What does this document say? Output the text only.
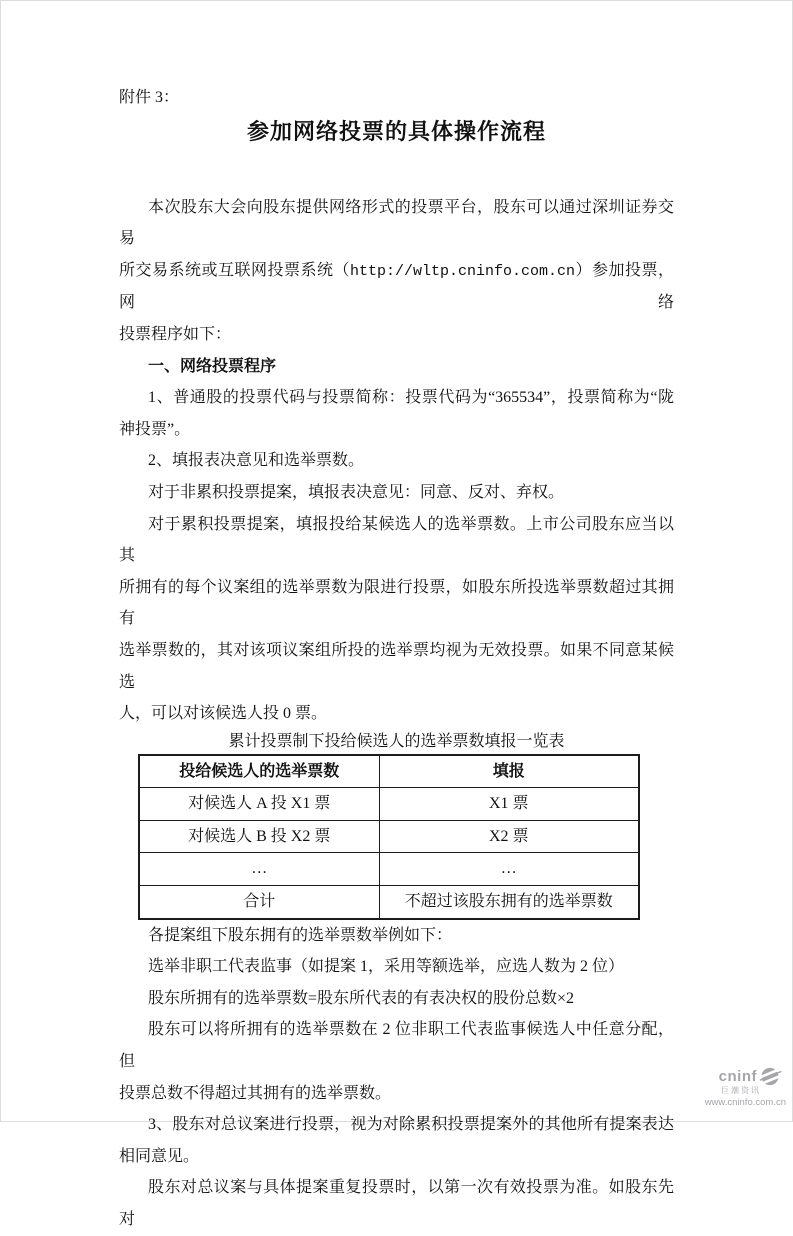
附件 3：
参加网络投票的具体操作流程
本次股东大会向股东提供网络形式的投票平台，股东可以通过深圳证券交易
所交易系统或互联网投票系统（http://wltp.cninfo.com.cn）参加投票，网络
投票程序如下：
一、网络投票程序
1、普通股的投票代码与投票简称：投票代码为“365534”，投票简称为“陇
神投票”。
2、填报表决意见和选举票数。
对于非累积投票提案，填报表决意见：同意、反对、弃权。
对于累积投票提案，填报投给某候选人的选举票数。上市公司股东应当以其
所拥有的每个议案组的选举票数为限进行投票，如股东所投选举票数超过其拥有
选举票数的，其对该项议案组所投的选举票均视为无效投票。如果不同意某候选
人，可以对该候选人投 0 票。
累计投票制下投给候选人的选举票数填报一览表
投给候选人的选举票数	填报
对候选人 A 投 X1 票	X1 票
对候选人 B 投 X2 票	X2 票
…	…
合计	不超过该股东拥有的选举票数
各提案组下股东拥有的选举票数举例如下：
选举非职工代表监事（如提案 1，采用等额选举，应选人数为 2 位）
股东所拥有的选举票数=股东所代表的有表决权的股份总数×2
股东可以将所拥有的选举票数在 2 位非职工代表监事候选人中任意分配，但
投票总数不得超过其拥有的选举票数。
3、股东对总议案进行投票，视为对除累积投票提案外的其他所有提案表达
相同意见。
股东对总议案与具体提案重复投票时，以第一次有效投票为准。如股东先对
cninf
巨潮资讯
www.cninfo.com.cn
